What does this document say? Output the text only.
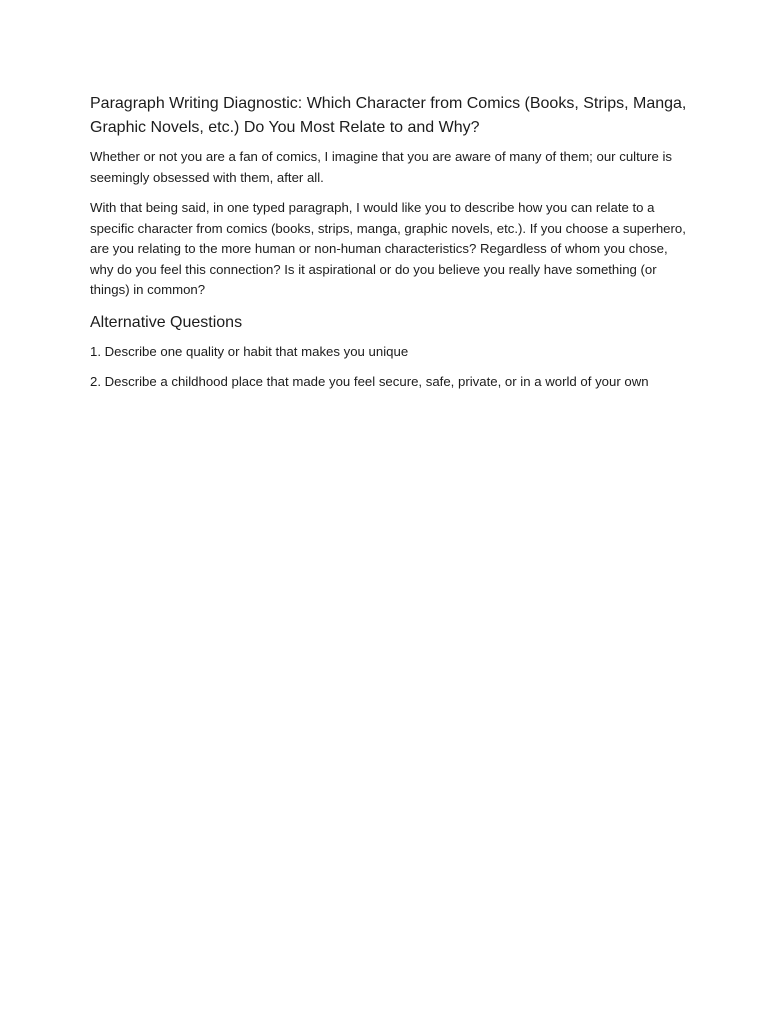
Paragraph Writing Diagnostic: Which Character from Comics (Books, Strips, Manga, Graphic Novels, etc.) Do You Most Relate to and Why?

Whether or not you are a fan of comics, I imagine that you are aware of many of them; our culture is seemingly obsessed with them, after all.

With that being said, in one typed paragraph, I would like you to describe how you can relate to a specific character from comics (books, strips, manga, graphic novels, etc.). If you choose a superhero, are you relating to the more human or non-human characteristics? Regardless of whom you chose, why do you feel this connection? Is it aspirational or do you believe you really have something (or things) in common?

Alternative Questions

1. Describe one quality or habit that makes you unique

2. Describe a childhood place that made you feel secure, safe, private, or in a world of your own
